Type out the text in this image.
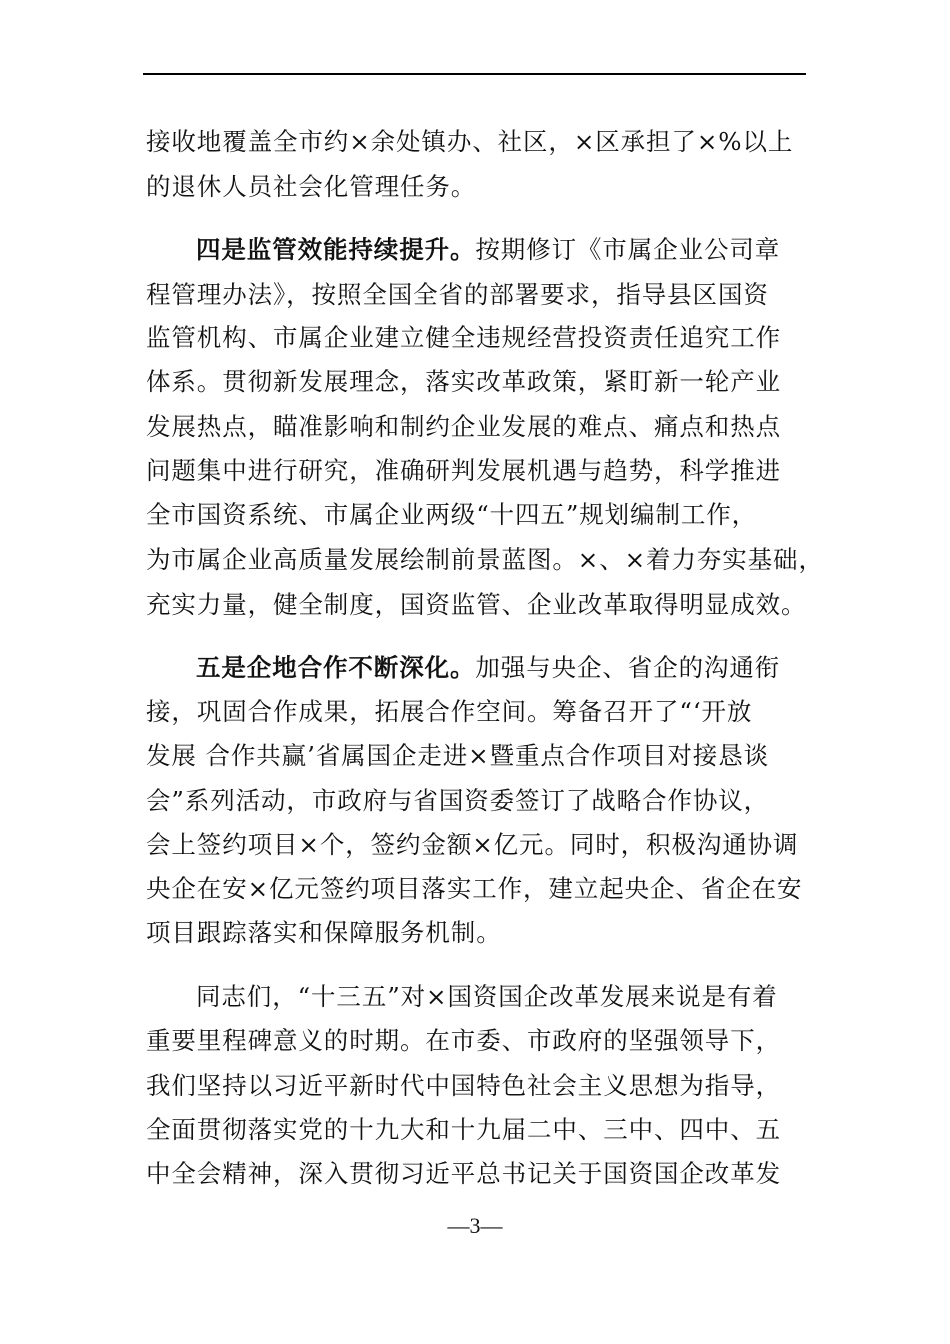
接收地覆盖全市约×余处镇办、社区，×区承担了×%以上
的退休人员社会化管理任务。
四是监管效能持续提升。按期修订《市属企业公司章
程管理办法》，按照全国全省的部署要求，指导县区国资
监管机构、市属企业建立健全违规经营投资责任追究工作
体系。贯彻新发展理念，落实改革政策，紧盯新一轮产业
发展热点，瞄准影响和制约企业发展的难点、痛点和热点
问题集中进行研究，准确研判发展机遇与趋势，科学推进
全市国资系统、市属企业两级“十四五”规划编制工作，
为市属企业高质量发展绘制前景蓝图。×、×着力夯实基础，
充实力量，健全制度，国资监管、企业改革取得明显成效。
五是企地合作不断深化。加强与央企、省企的沟通衔
接，巩固合作成果，拓展合作空间。筹备召开了“‘开放
发展 合作共赢’省属国企走进×暨重点合作项目对接恳谈
会”系列活动，市政府与省国资委签订了战略合作协议，
会上签约项目×个，签约金额×亿元。同时，积极沟通协调
央企在安×亿元签约项目落实工作，建立起央企、省企在安
项目跟踪落实和保障服务机制。
同志们，“十三五”对×国资国企改革发展来说是有着
重要里程碑意义的时期。在市委、市政府的坚强领导下，
我们坚持以习近平新时代中国特色社会主义思想为指导，
全面贯彻落实党的十九大和十九届二中、三中、四中、五
中全会精神，深入贯彻习近平总书记关于国资国企改革发
—3—
